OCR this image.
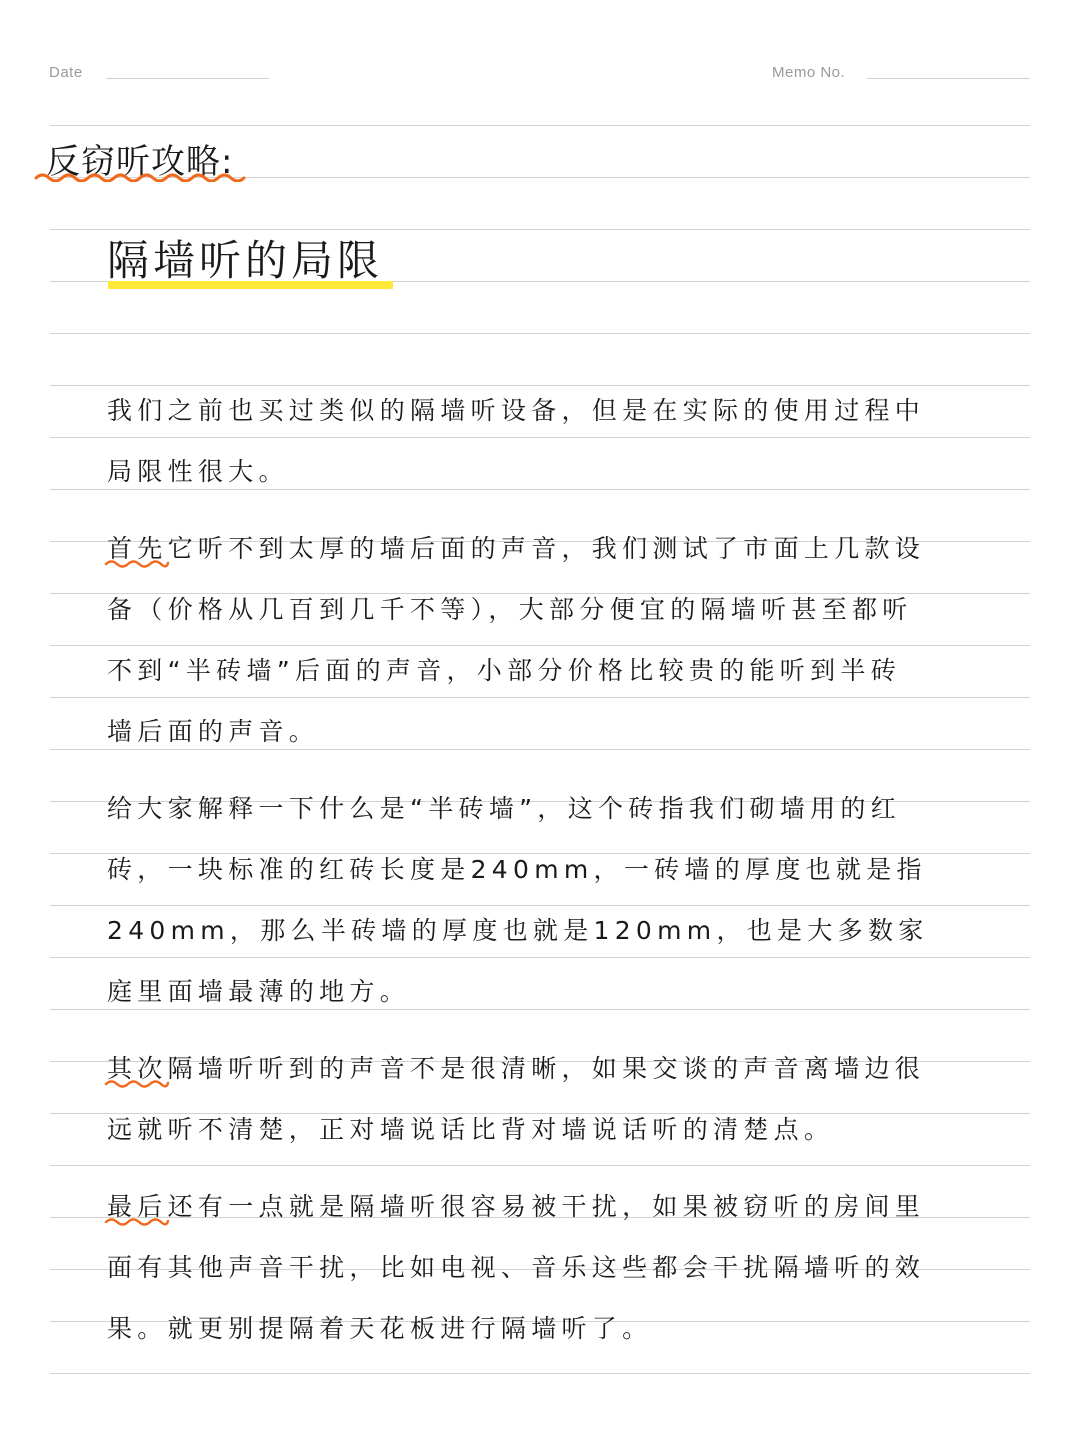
Date	Memo No.
反窃听攻略:
隔墙听的局限
我们之前也买过类似的隔墙听设备，但是在实际的使用过程中
局限性很大。
首先它听不到太厚的墙后面的声音，我们测试了市面上几款设
备（价格从几百到几千不等），大部分便宜的隔墙听甚至都听
不到“半砖墙”后面的声音，小部分价格比较贵的能听到半砖
墙后面的声音。
给大家解释一下什么是“半砖墙”，这个砖指我们砌墙用的红
砖，一块标准的红砖长度是240mm，一砖墙的厚度也就是指
240mm，那么半砖墙的厚度也就是120mm，也是大多数家
庭里面墙最薄的地方。
其次隔墙听听到的声音不是很清晰，如果交谈的声音离墙边很
远就听不清楚，正对墙说话比背对墙说话听的清楚点。
最后还有一点就是隔墙听很容易被干扰，如果被窃听的房间里
面有其他声音干扰，比如电视、音乐这些都会干扰隔墙听的效
果。就更别提隔着天花板进行隔墙听了。
